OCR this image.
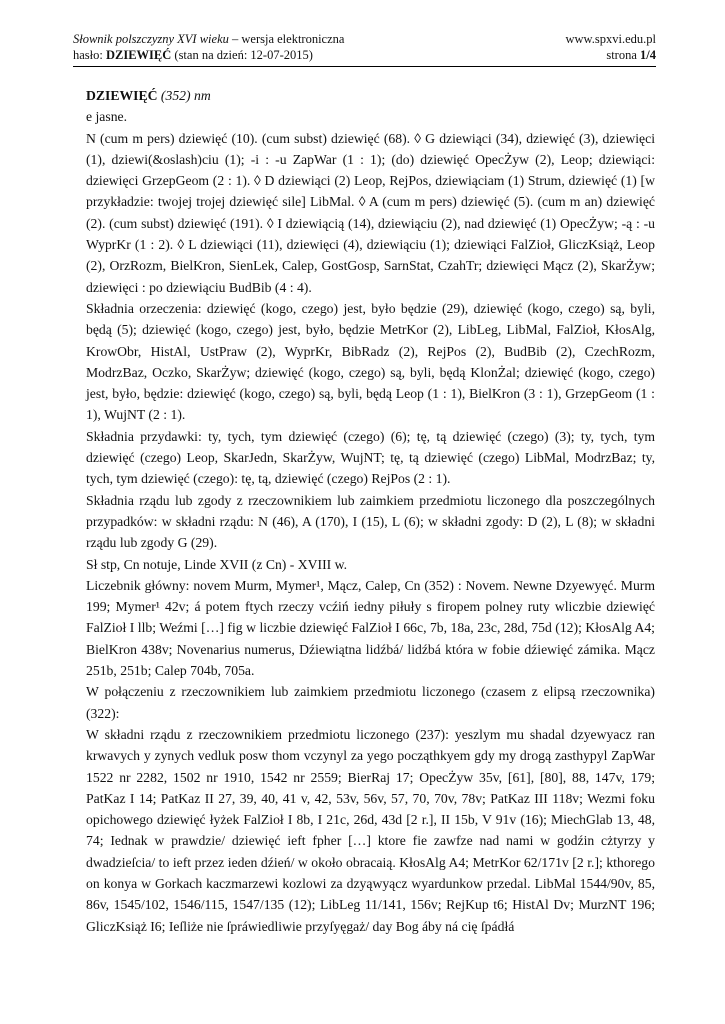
Słownik polszczyzny XVI wieku – wersja elektroniczna	www.spxvi.edu.pl
hasło: DZIEWIĘĆ (stan na dzień: 12-07-2015)	strona 1/4

DZIEWIĘĆ (352) nm

e jasne.

N (cum m pers) dziewięć (10). (cum subst) dziewięć (68). ◊ G dziewiąci (34), dziewięć (3), dziewięci (1), dziewi(&oslash)ciu (1); -i : -u ZapWar (1 : 1); (do) dziewięć OpecŻyw (2), Leop; dziewiąci: dziewięci GrzepGeom (2 : 1). ◊ D dziewiąci (2) Leop, RejPos, dziewiąciam (1) Strum, dziewięć (1) [w przykładzie: twojej trojej dziewięć sile] LibMal. ◊ A (cum m pers) dziewięć (5). (cum m an) dziewięć (2). (cum subst) dziewięć (191). ◊ I dziewiącią (14), dziewiąciu (2), nad dziewięć (1) OpecŻyw; -ą : -u WyprKr (1 : 2). ◊ L dziewiąci (11), dziewięci (4), dziewiąciu (1); dziewiąci FalZioł, GliczKsiąż, Leop (2), OrzRozm, BielKron, SienLek, Calep, GostGosp, SarnStat, CzahTr; dziewięci Mącz (2), SkarŻyw; dziewięci : po dziewiąciu BudBib (4 : 4).

Składnia orzeczenia: dziewięć (kogo, czego) jest, było będzie (29), dziewięć (kogo, czego) są, byli, będą (5); dziewięć (kogo, czego) jest, było, będzie MetrKor (2), LibLeg, LibMal, FalZioł, KłosAlg, KrowObr, HistAl, UstPraw (2), WyprKr, BibRadz (2), RejPos (2), BudBib (2), CzechRozm, ModrzBaz, Oczko, SkarŻyw; dziewięć (kogo, czego) są, byli, będą KlonŻal; dziewięć (kogo, czego) jest, było, będzie: dziewięć (kogo, czego) są, byli, będą Leop (1 : 1), BielKron (3 : 1), GrzepGeom (1 : 1), WujNT (2 : 1).

Składnia przydawki: ty, tych, tym dziewięć (czego) (6); tę, tą dziewięć (czego) (3); ty, tych, tym dziewięć (czego) Leop, SkarJedn, SkarŻyw, WujNT; tę, tą dziewięć (czego) LibMal, ModrzBaz; ty, tych, tym dziewięć (czego): tę, tą, dziewięć (czego) RejPos (2 : 1).

Składnia rządu lub zgody z rzeczownikiem lub zaimkiem przedmiotu liczonego dla poszczególnych przypadków: w składni rządu: N (46), A (170), I (15), L (6); w składni zgody: D (2), L (8); w składni rządu lub zgody G (29).

Sł stp, Cn notuje, Linde XVII (z Cn) - XVIII w.

Liczebnik główny: novem Murm, Mymer¹, Mącz, Calep, Cn (352) : Novem. Newne Dzyewyęć. Murm 199; Mymer¹ 42v; á potem ftych rzeczy vcźiń iedny piłuły s firopem polney ruty wliczbie dziewięć FalZioł I llb; Weźmi […] fig w liczbie dziewięć FalZioł I 66c, 7b, 18a, 23c, 28d, 75d (12); KłosAlg A4; BielKron 438v; Novenarius numerus, Dźiewiątna lidźbá/ lidźbá która w fobie dźiewięć zámika. Mącz 251b, 251b; Calep 704b, 705a.

W połączeniu z rzeczownikiem lub zaimkiem przedmiotu liczonego (czasem z elipsą rzeczownika) (322):

W składni rządu z rzeczownikiem przedmiotu liczonego (237): yeszlym mu shadal dzyewyacz ran krwavych y zynych vedluk posw thom vczynyl za yego począthkyem gdy my drogą zasthypyl ZapWar 1522 nr 2282, 1502 nr 1910, 1542 nr 2559; BierRaj 17; OpecŻyw 35v, [61], [80], 88, 147v, 179; PatKaz I 14; PatKaz II 27, 39, 40, 41 v, 42, 53v, 56v, 57, 70, 70v, 78v; PatKaz III 118v; Wezmi foku opichowego dziewięć łyżek FalZioł I 8b, I 21c, 26d, 43d [2 r.], II 15b, V 91v (16); MiechGlab 13, 48, 74; Iednak w prawdzie/ dziewięć ieft fpher […] ktore fie zawfze nad nami w godźin cżtyrzy y dwadzieſcia/ to ieft przez ieden dźień/ w około obracaią. KłosAlg A4; MetrKor 62/171v [2 r.]; kthorego on konya w Gorkach kaczmarzewi kozlowi za dzyąwyącz wyardunkow przedal. LibMal 1544/90v, 85, 86v, 1545/102, 1546/115, 1547/135 (12); LibLeg 11/141, 156v; RejKup t6; HistAl Dv; MurzNT 196; GliczKsiąż I6; Ieſliże nie ſpráwiedliwie przyſyęgaż/ day Bog áby ná cię ſpádłá
